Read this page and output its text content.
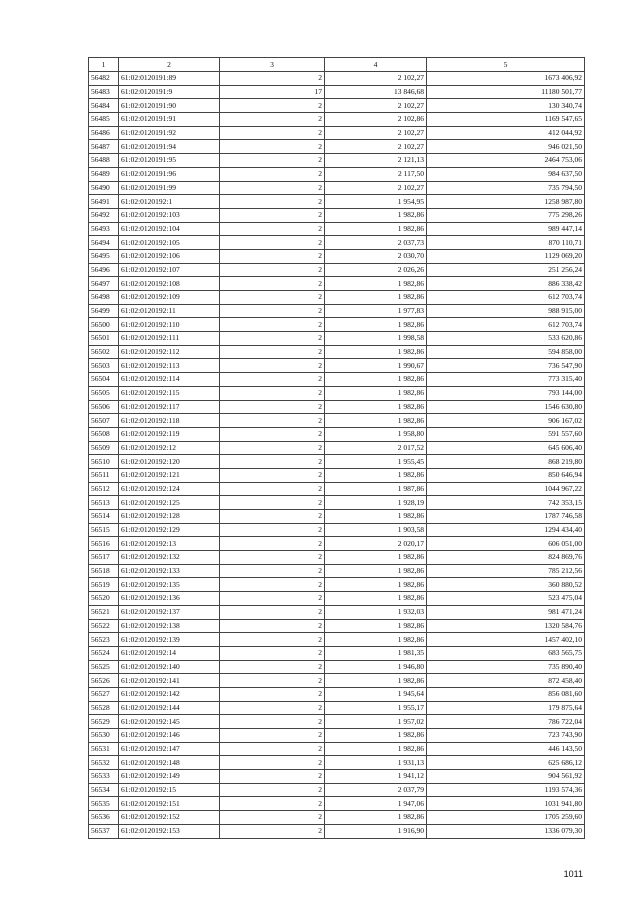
1	2	3	4	5
56482	61:02:0120191:89	2	2 102,27	1673 406,92
56483	61:02:0120191:9	17	13 846,68	11180 501,77
56484	61:02:0120191:90	2	2 102,27	130 340,74
56485	61:02:0120191:91	2	2 102,86	1169 547,65
56486	61:02:0120191:92	2	2 102,27	412 044,92
56487	61:02:0120191:94	2	2 102,27	946 021,50
56488	61:02:0120191:95	2	2 121,13	2464 753,06
56489	61:02:0120191:96	2	2 117,50	984 637,50
56490	61:02:0120191:99	2	2 102,27	735 794,50
56491	61:02:0120192:1	2	1 954,95	1258 987,80
56492	61:02:0120192:103	2	1 982,86	775 298,26
56493	61:02:0120192:104	2	1 982,86	989 447,14
56494	61:02:0120192:105	2	2 037,73	870 110,71
56495	61:02:0120192:106	2	2 030,70	1129 069,20
56496	61:02:0120192:107	2	2 026,26	251 256,24
56497	61:02:0120192:108	2	1 982,86	886 338,42
56498	61:02:0120192:109	2	1 982,86	612 703,74
56499	61:02:0120192:11	2	1 977,83	988 915,00
56500	61:02:0120192:110	2	1 982,86	612 703,74
56501	61:02:0120192:111	2	1 998,58	533 620,86
56502	61:02:0120192:112	2	1 982,86	594 858,00
56503	61:02:0120192:113	2	1 990,67	736 547,90
56504	61:02:0120192:114	2	1 982,86	773 315,40
56505	61:02:0120192:115	2	1 982,86	793 144,00
56506	61:02:0120192:117	2	1 982,86	1546 630,80
56507	61:02:0120192:118	2	1 982,86	906 167,02
56508	61:02:0120192:119	2	1 958,80	591 557,60
56509	61:02:0120192:12	2	2 017,52	645 606,40
56510	61:02:0120192:120	2	1 955,45	868 219,80
56511	61:02:0120192:121	2	1 982,86	850 646,94
56512	61:02:0120192:124	2	1 987,86	1044 967,22
56513	61:02:0120192:125	2	1 928,19	742 353,15
56514	61:02:0120192:128	2	1 982,86	1787 746,58
56515	61:02:0120192:129	2	1 903,58	1294 434,40
56516	61:02:0120192:13	2	2 020,17	606 051,00
56517	61:02:0120192:132	2	1 982,86	824 869,76
56518	61:02:0120192:133	2	1 982,86	785 212,56
56519	61:02:0120192:135	2	1 982,86	360 880,52
56520	61:02:0120192:136	2	1 982,86	523 475,04
56521	61:02:0120192:137	2	1 932,03	981 471,24
56522	61:02:0120192:138	2	1 982,86	1320 584,76
56523	61:02:0120192:139	2	1 982,86	1457 402,10
56524	61:02:0120192:14	2	1 981,35	683 565,75
56525	61:02:0120192:140	2	1 946,80	735 890,40
56526	61:02:0120192:141	2	1 982,86	872 458,40
56527	61:02:0120192:142	2	1 945,64	856 081,60
56528	61:02:0120192:144	2	1 955,17	179 875,64
56529	61:02:0120192:145	2	1 957,02	786 722,04
56530	61:02:0120192:146	2	1 982,86	723 743,90
56531	61:02:0120192:147	2	1 982,86	446 143,50
56532	61:02:0120192:148	2	1 931,13	625 686,12
56533	61:02:0120192:149	2	1 941,12	904 561,92
56534	61:02:0120192:15	2	2 037,79	1193 574,36
56535	61:02:0120192:151	2	1 947,06	1031 941,80
56536	61:02:0120192:152	2	1 982,86	1705 259,60
56537	61:02:0120192:153	2	1 916,90	1336 079,30
1011
